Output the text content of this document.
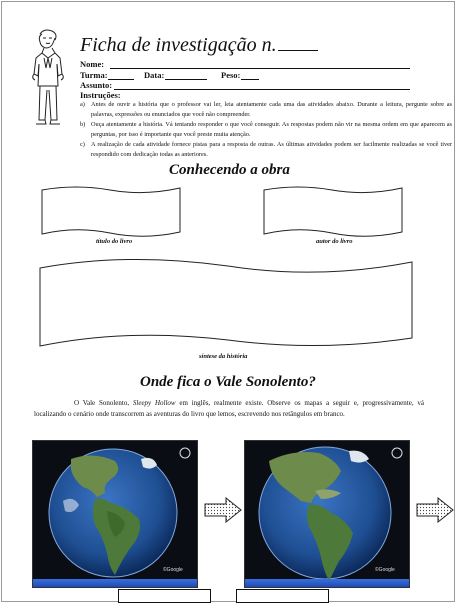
Ficha de investigação n.
Nome:
Turma:	Data:	Peso:
Assunto:
Instruções:
a) Antes de ouvir a história que o professor vai ler, leia atentamente cada uma das atividades abaixo. Durante a leitura, pergunte sobre as palavras, expressões ou enunciados que você não compreender.
b) Ouça atentamente a história. Vá tentando responder o que você conseguir. As respostas podem não vir na mesma ordem em que aparecem as perguntas, por isso é importante que você preste muita atenção.
c) A realização de cada atividade fornece pistas para a resposta de outras. As últimas atividades podem ser facilmente realizadas se você tiver respondido com dedicação todas as anteriores.
Conhecendo a obra
título do livro	autor do livro
síntese da história
Onde fica o Vale Sonolento?
O Vale Sonolento, Sleepy Hollow em inglês, realmente existe. Observe os mapas a seguir e, progressivamente, vá localizando o cenário onde transcorrem as aventuras do livro que lemos, escrevendo nos retângulos em branco.
©Google	©Google
